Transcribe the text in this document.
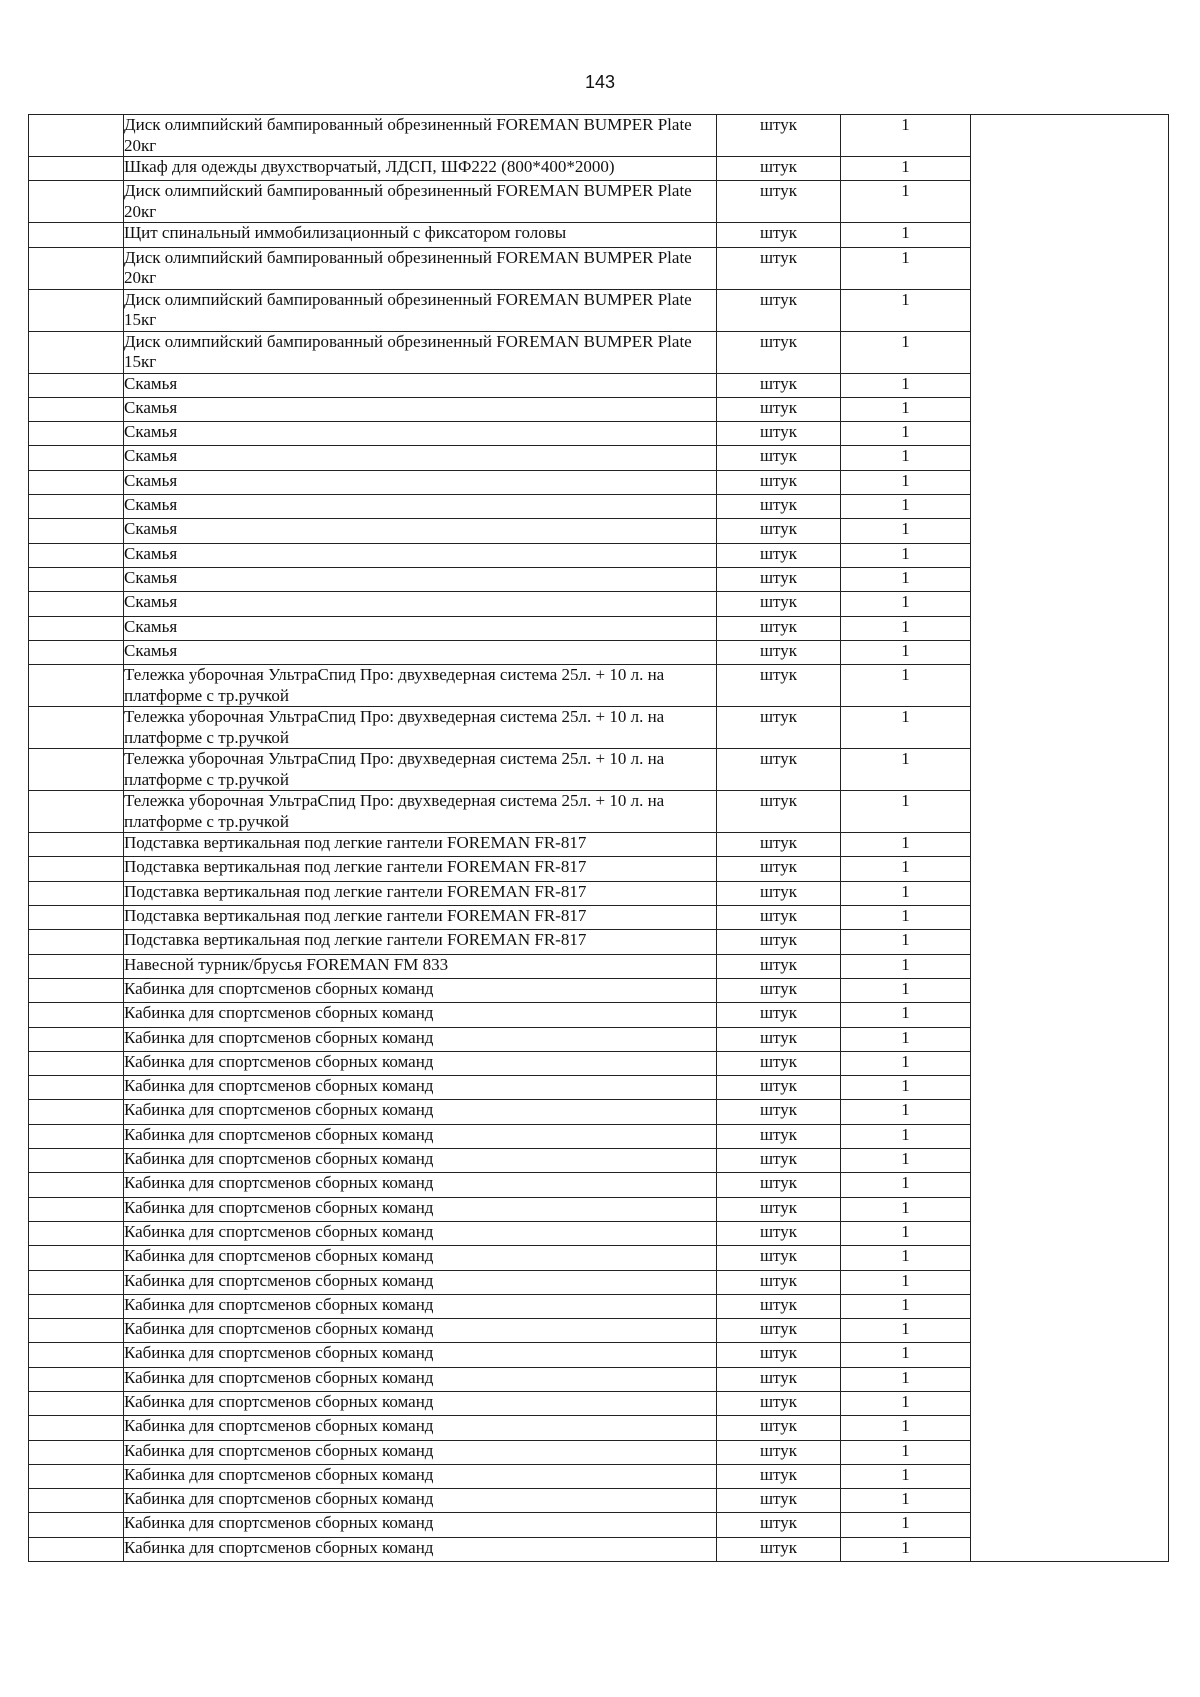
143
	Диск олимпийский бампированный обрезиненный FOREMAN BUMPER Plate 20кг	штук	1	
	Шкаф для одежды двухстворчатый, ЛДСП, ШФ222 (800*400*2000)	штук	1	
	Диск олимпийский бампированный обрезиненный FOREMAN BUMPER Plate 20кг	штук	1	
	Щит спинальный иммобилизационный с фиксатором головы	штук	1	
	Диск олимпийский бампированный обрезиненный FOREMAN BUMPER Plate 20кг	штук	1	
	Диск олимпийский бампированный обрезиненный FOREMAN BUMPER Plate 15кг	штук	1	
	Диск олимпийский бампированный обрезиненный FOREMAN BUMPER Plate 15кг	штук	1	
	Скамья	штук	1	
	Скамья	штук	1	
	Скамья	штук	1	
	Скамья	штук	1	
	Скамья	штук	1	
	Скамья	штук	1	
	Скамья	штук	1	
	Скамья	штук	1	
	Скамья	штук	1	
	Скамья	штук	1	
	Скамья	штук	1	
	Скамья	штук	1	
	Тележка уборочная УльтраСпид Про: двухведерная система 25л. + 10 л. на платформе с тр.ручкой	штук	1	
	Тележка уборочная УльтраСпид Про: двухведерная система 25л. + 10 л. на платформе с тр.ручкой	штук	1	
	Тележка уборочная УльтраСпид Про: двухведерная система 25л. + 10 л. на платформе с тр.ручкой	штук	1	
	Тележка уборочная УльтраСпид Про: двухведерная система 25л. + 10 л. на платформе с тр.ручкой	штук	1	
	Подставка вертикальная под легкие гантели FOREMAN FR-817	штук	1	
	Подставка вертикальная под легкие гантели FOREMAN FR-817	штук	1	
	Подставка вертикальная под легкие гантели FOREMAN FR-817	штук	1	
	Подставка вертикальная под легкие гантели FOREMAN FR-817	штук	1	
	Подставка вертикальная под легкие гантели FOREMAN FR-817	штук	1	
	Навесной турник/брусья FOREMAN FM 833	штук	1	
	Кабинка для спортсменов сборных команд	штук	1	
	Кабинка для спортсменов сборных команд	штук	1	
	Кабинка для спортсменов сборных команд	штук	1	
	Кабинка для спортсменов сборных команд	штук	1	
	Кабинка для спортсменов сборных команд	штук	1	
	Кабинка для спортсменов сборных команд	штук	1	
	Кабинка для спортсменов сборных команд	штук	1	
	Кабинка для спортсменов сборных команд	штук	1	
	Кабинка для спортсменов сборных команд	штук	1	
	Кабинка для спортсменов сборных команд	штук	1	
	Кабинка для спортсменов сборных команд	штук	1	
	Кабинка для спортсменов сборных команд	штук	1	
	Кабинка для спортсменов сборных команд	штук	1	
	Кабинка для спортсменов сборных команд	штук	1	
	Кабинка для спортсменов сборных команд	штук	1	
	Кабинка для спортсменов сборных команд	штук	1	
	Кабинка для спортсменов сборных команд	штук	1	
	Кабинка для спортсменов сборных команд	штук	1	
	Кабинка для спортсменов сборных команд	штук	1	
	Кабинка для спортсменов сборных команд	штук	1	
	Кабинка для спортсменов сборных команд	штук	1	
	Кабинка для спортсменов сборных команд	штук	1	
	Кабинка для спортсменов сборных команд	штук	1	
	Кабинка для спортсменов сборных команд	штук	1	
